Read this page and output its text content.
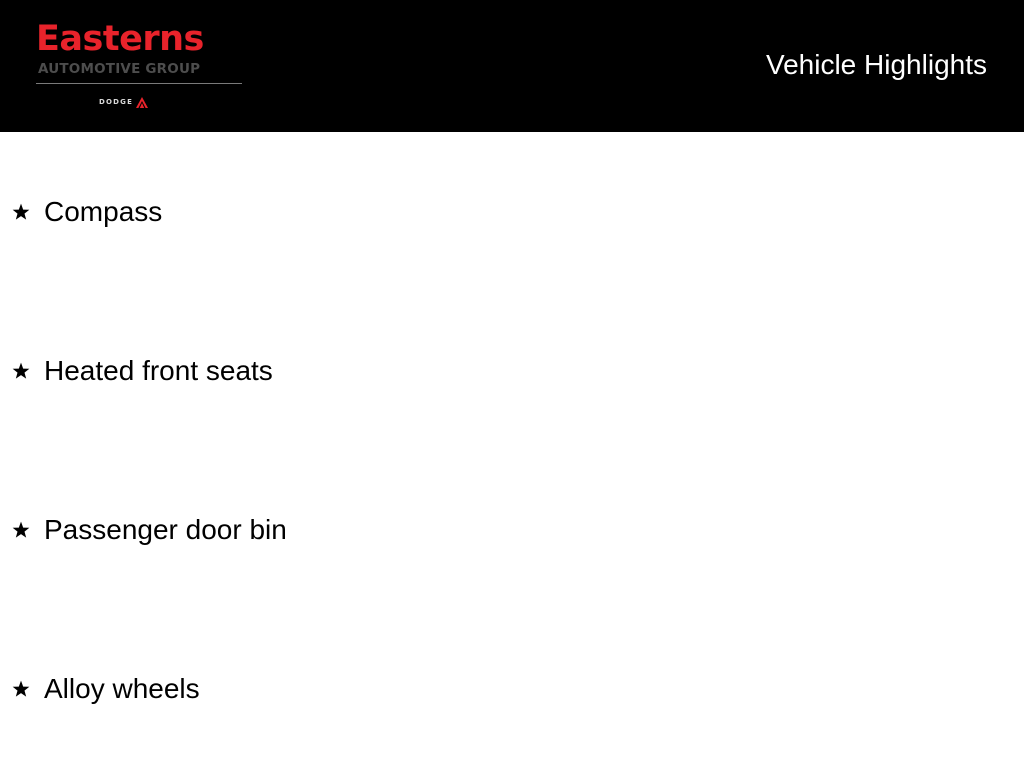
Easterns
AUTOMOTIVE GROUP
DODGE
Vehicle Highlights
Compass
Heated front seats
Passenger door bin
Alloy wheels
